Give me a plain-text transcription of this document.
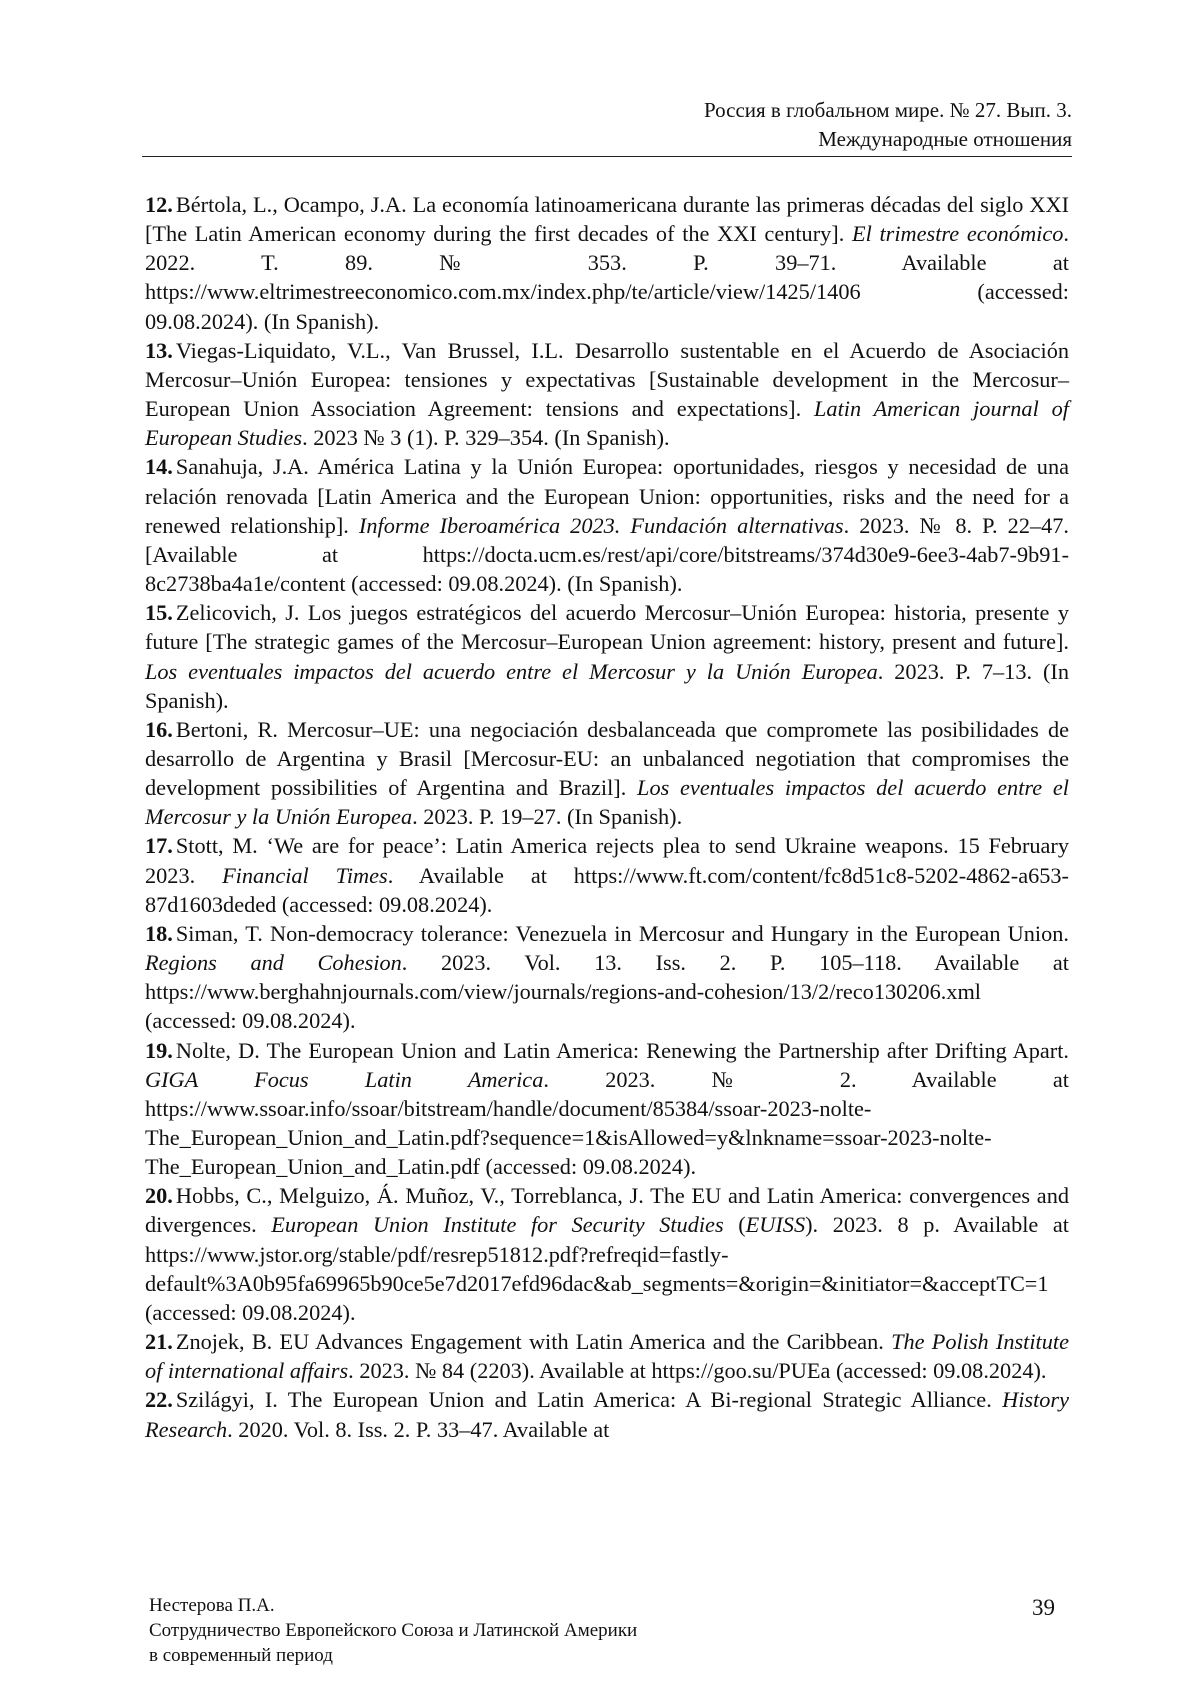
Россия в глобальном мире. № 27. Вып. 3.
Международные отношения

12. Bértola, L., Ocampo, J.A. La economía latinoamericana durante las primeras décadas del siglo XXI [The Latin American economy during the first decades of the XXI century]. El trimestre económico. 2022. T. 89. № 353. P. 39–71. Available at https://www.eltrimestreeconomico.com.mx/index.php/te/article/view/1425/1406 (accessed: 09.08.2024). (In Spanish).

13. Viegas-Liquidato, V.L., Van Brussel, I.L. Desarrollo sustentable en el Acuerdo de Asociación Mercosur–Unión Europea: tensiones y expectativas [Sustainable development in the Mercosur–European Union Association Agreement: tensions and expectations]. Latin American journal of European Studies. 2023 № 3 (1). P. 329–354. (In Spanish).

14. Sanahuja, J.A. América Latina y la Unión Europea: oportunidades, riesgos y necesidad de una relación renovada [Latin America and the European Union: opportunities, risks and the need for a renewed relationship]. Informe Iberoamérica 2023. Fundación alternativas. 2023. № 8. P. 22–47. [Available at https://docta.ucm.es/rest/api/core/bitstreams/374d30e9-6ee3-4ab7-9b91-8c2738ba4a1e/content (accessed: 09.08.2024). (In Spanish).

15. Zelicovich, J. Los juegos estratégicos del acuerdo Mercosur–Unión Europea: historia, presente y future [The strategic games of the Mercosur–European Union agreement: history, present and future]. Los eventuales impactos del acuerdo entre el Mercosur y la Unión Europea. 2023. P. 7–13. (In Spanish).

16. Bertoni, R. Mercosur–UE: una negociación desbalanceada que compromete las posibilidades de desarrollo de Argentina y Brasil [Mercosur-EU: an unbalanced negotiation that compromises the development possibilities of Argentina and Brazil]. Los eventuales impactos del acuerdo entre el Mercosur y la Unión Europea. 2023. P. 19–27. (In Spanish).

17. Stott, M. ‘We are for peace’: Latin America rejects plea to send Ukraine weapons. 15 February 2023. Financial Times. Available at https://www.ft.com/content/fc8d51c8-5202-4862-a653-87d1603deded (accessed: 09.08.2024).

18. Siman, T. Non-democracy tolerance: Venezuela in Mercosur and Hungary in the European Union. Regions and Cohesion. 2023. Vol. 13. Iss. 2. P. 105–118. Available at https://www.berghahnjournals.com/view/journals/regions-and-cohesion/13/2/reco130206.xml (accessed: 09.08.2024).

19. Nolte, D. The European Union and Latin America: Renewing the Partnership after Drifting Apart. GIGA Focus Latin America. 2023. № 2. Available at https://www.ssoar.info/ssoar/bitstream/handle/document/85384/ssoar-2023-nolte-The_European_Union_and_Latin.pdf?sequence=1&isAllowed=y&lnkname=ssoar-2023-nolte-The_European_Union_and_Latin.pdf (accessed: 09.08.2024).

20. Hobbs, C., Melguizo, Á. Muñoz, V., Torreblanca, J. The EU and Latin America: convergences and divergences. European Union Institute for Security Studies (EUISS). 2023. 8 p. Available at https://www.jstor.org/stable/pdf/resrep51812.pdf?refreqid=fastly-default%3A0b95fa69965b90ce5e7d2017efd96dac&ab_segments=&origin=&initiator=&acceptTC=1 (accessed: 09.08.2024).

21. Znojek, B. EU Advances Engagement with Latin America and the Caribbean. The Polish Institute of international affairs. 2023. № 84 (2203). Available at https://goo.su/PUEa (accessed: 09.08.2024).

22. Szilágyi, I. The European Union and Latin America: A Bi-regional Strategic Alliance. History Research. 2020. Vol. 8. Iss. 2. P. 33–47. Available at

Нестерова П.А.
Сотрудничество Европейского Союза и Латинской Америки
в современный период
39
